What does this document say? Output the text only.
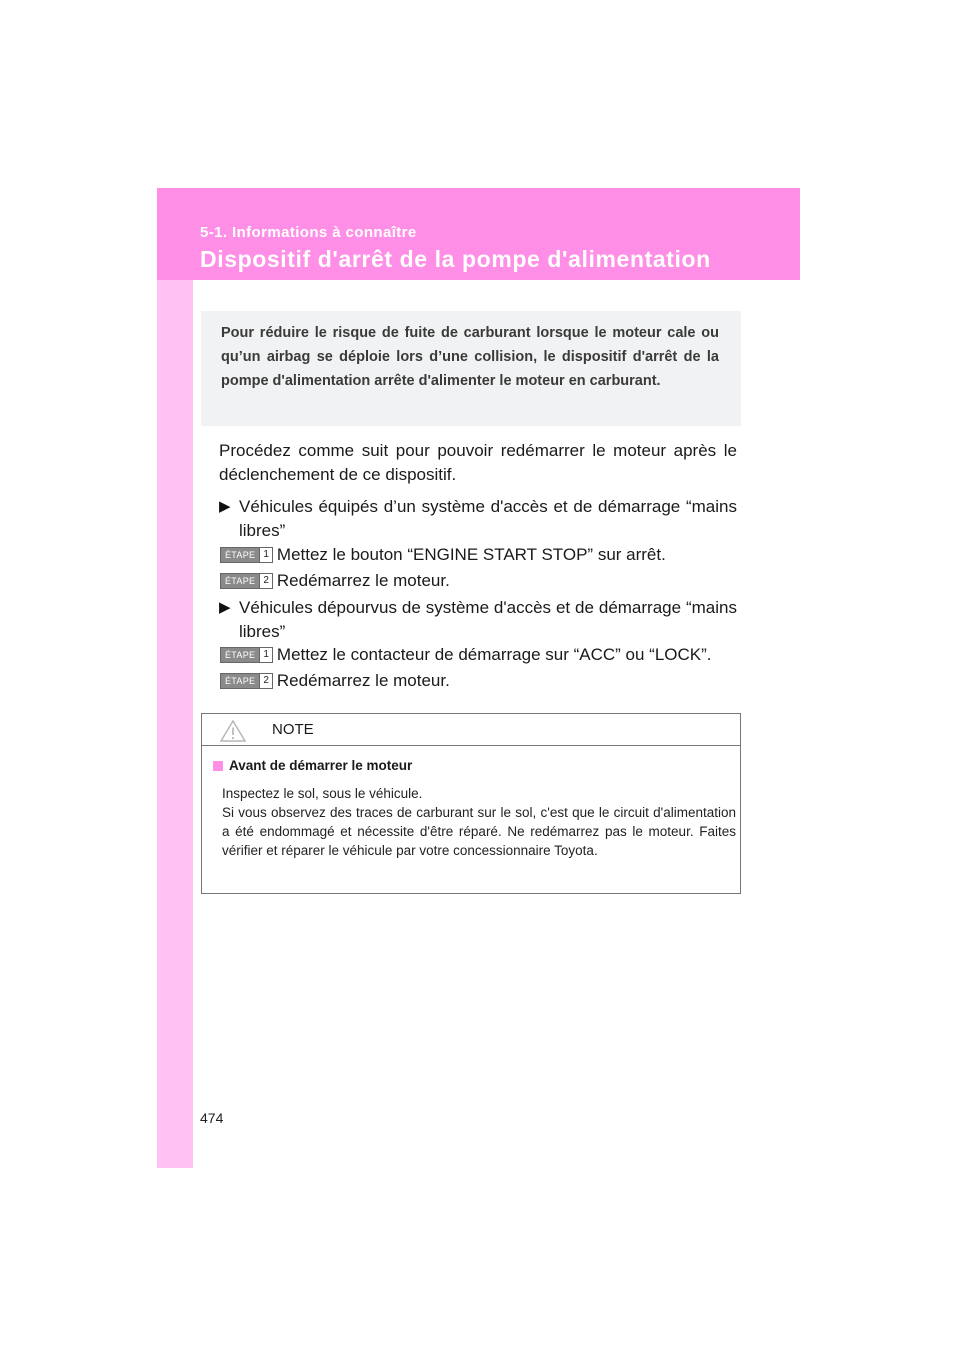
5-1. Informations à connaître
Dispositif d'arrêt de la pompe d'alimentation

Pour réduire le risque de fuite de carburant lorsque le moteur cale ou qu’un airbag se déploie lors d’une collision, le dispositif d'arrêt de la pompe d'alimentation arrête d'alimenter le moteur en carburant.

Procédez comme suit pour pouvoir redémarrer le moteur après le déclenchement de ce dispositif.

▶ Véhicules équipés d’un système d'accès et de démarrage “mains libres”
ÉTAPE 1 Mettez le bouton “ENGINE START STOP” sur arrêt.
ÉTAPE 2 Redémarrez le moteur.
▶ Véhicules dépourvus de système d'accès et de démarrage “mains libres”
ÉTAPE 1 Mettez le contacteur de démarrage sur “ACC” ou “LOCK”.
ÉTAPE 2 Redémarrez le moteur.
NOTE
Avant de démarrer le moteur

Inspectez le sol, sous le véhicule.

Si vous observez des traces de carburant sur le sol, c'est que le circuit d'alimentation a été endommagé et nécessite d'être réparé. Ne redémarrez pas le moteur. Faites vérifier et réparer le véhicule par votre concessionnaire Toyota.

474
